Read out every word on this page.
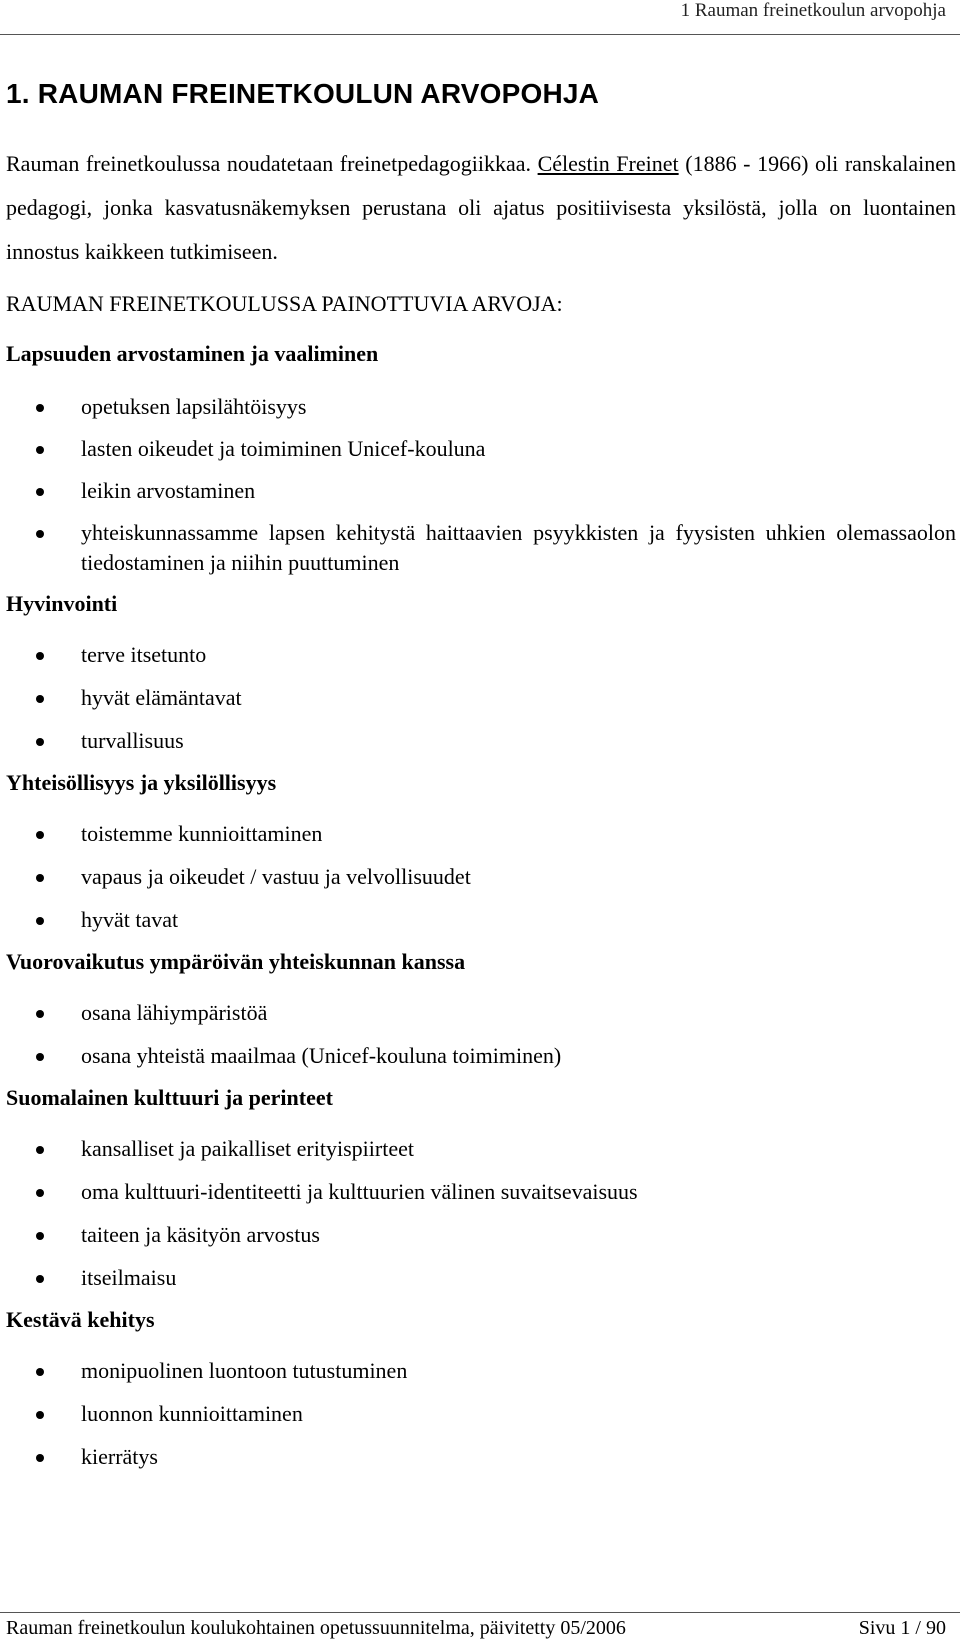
1 Rauman freinetkoulun arvopohja
1. RAUMAN FREINETKOULUN ARVOPOHJA

Rauman freinetkoulussa noudatetaan freinetpedagogiikkaa. Célestin Freinet (1886 - 1966) oli ranskalainen pedagogi, jonka kasvatusnäkemyksen perustana oli ajatus positiivisesta yksilöstä, jolla on luontainen innostus kaikkeen tutkimiseen.

RAUMAN FREINETKOULUSSA PAINOTTUVIA ARVOJA:
Lapsuuden arvostaminen ja vaaliminen
opetuksen lapsilähtöisyys
lasten oikeudet ja toimiminen Unicef-kouluna
leikin arvostaminen
yhteiskunnassamme lapsen kehitystä haittaavien psyykkisten ja fyysisten uhkien olemassaolon tiedostaminen ja niihin puuttuminen
Hyvinvointi
terve itsetunto
hyvät elämäntavat
turvallisuus
Yhteisöllisyys ja yksilöllisyys
toistemme kunnioittaminen
vapaus ja oikeudet / vastuu ja velvollisuudet
hyvät tavat
Vuorovaikutus ympäröivän yhteiskunnan kanssa
osana lähiympäristöä
osana yhteistä maailmaa (Unicef-kouluna toimiminen)
Suomalainen kulttuuri ja perinteet
kansalliset ja paikalliset erityispiirteet
oma kulttuuri-identiteetti ja kulttuurien välinen suvaitsevaisuus
taiteen ja käsityön arvostus
itseilmaisu
Kestävä kehitys
monipuolinen luontoon tutustuminen
luonnon kunnioittaminen
kierrätys
Rauman freinetkoulun koulukohtainen opetussuunnitelma, päivitetty 05/2006	Sivu 1 / 90
